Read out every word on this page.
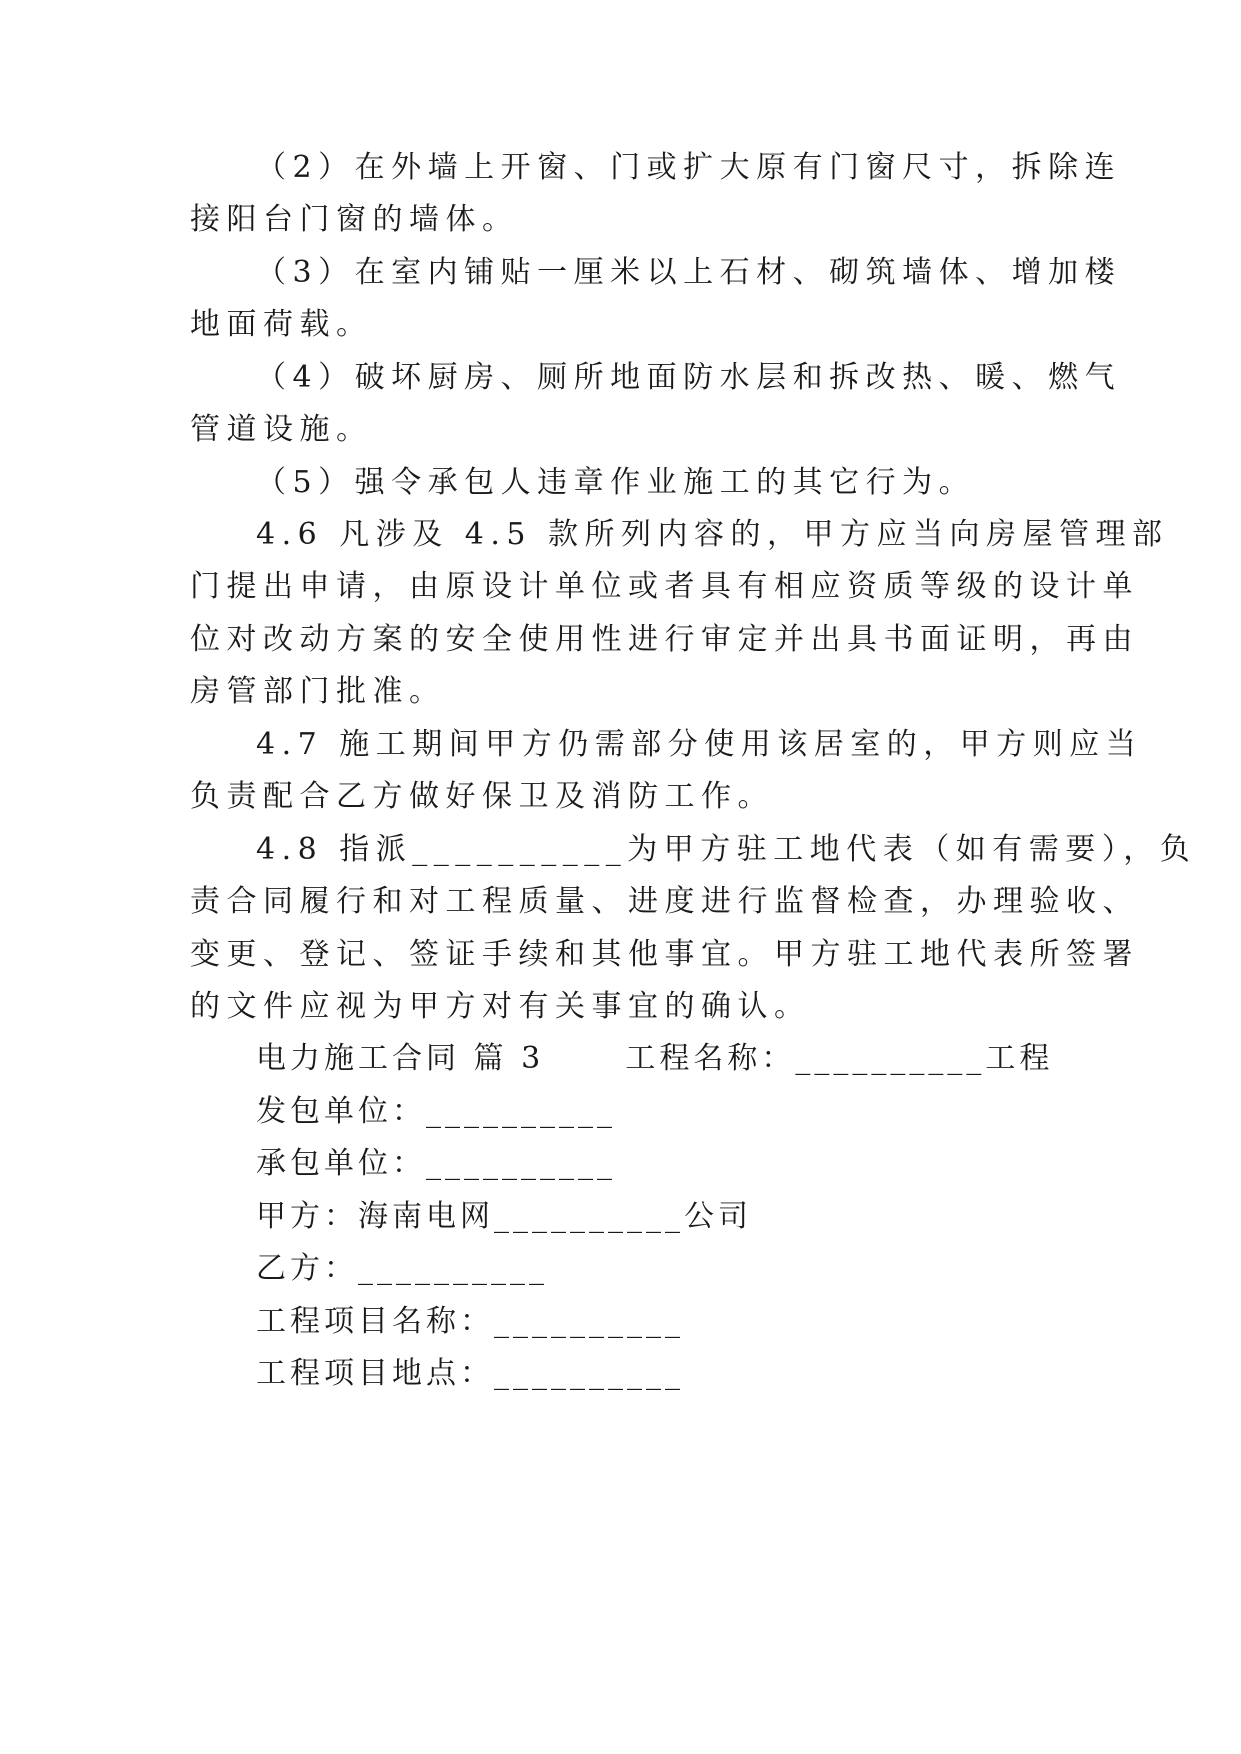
（2）在外墙上开窗、门或扩大原有门窗尺寸，拆除连
接阳台门窗的墙体。
（3）在室内铺贴一厘米以上石材、砌筑墙体、增加楼
地面荷载。
（4）破坏厨房、厕所地面防水层和拆改热、暖、燃气
管道设施。
（5）强令承包人违章作业施工的其它行为。
4.6 凡涉及 4.5 款所列内容的，甲方应当向房屋管理部
门提出申请，由原设计单位或者具有相应资质等级的设计单
位对改动方案的安全使用性进行审定并出具书面证明，再由
房管部门批准。
4.7 施工期间甲方仍需部分使用该居室的，甲方则应当
负责配合乙方做好保卫及消防工作。
4.8 指派__________为甲方驻工地代表（如有需要），负
责合同履行和对工程质量、进度进行监督检查，办理验收、
变更、登记、签证手续和其他事宜。甲方驻工地代表所签署
的文件应视为甲方对有关事宜的确认。
电力施工合同 篇 3      工程名称：__________工程
发包单位：__________
承包单位：__________
甲方：海南电网__________公司
乙方：__________
工程项目名称：__________
工程项目地点：__________
